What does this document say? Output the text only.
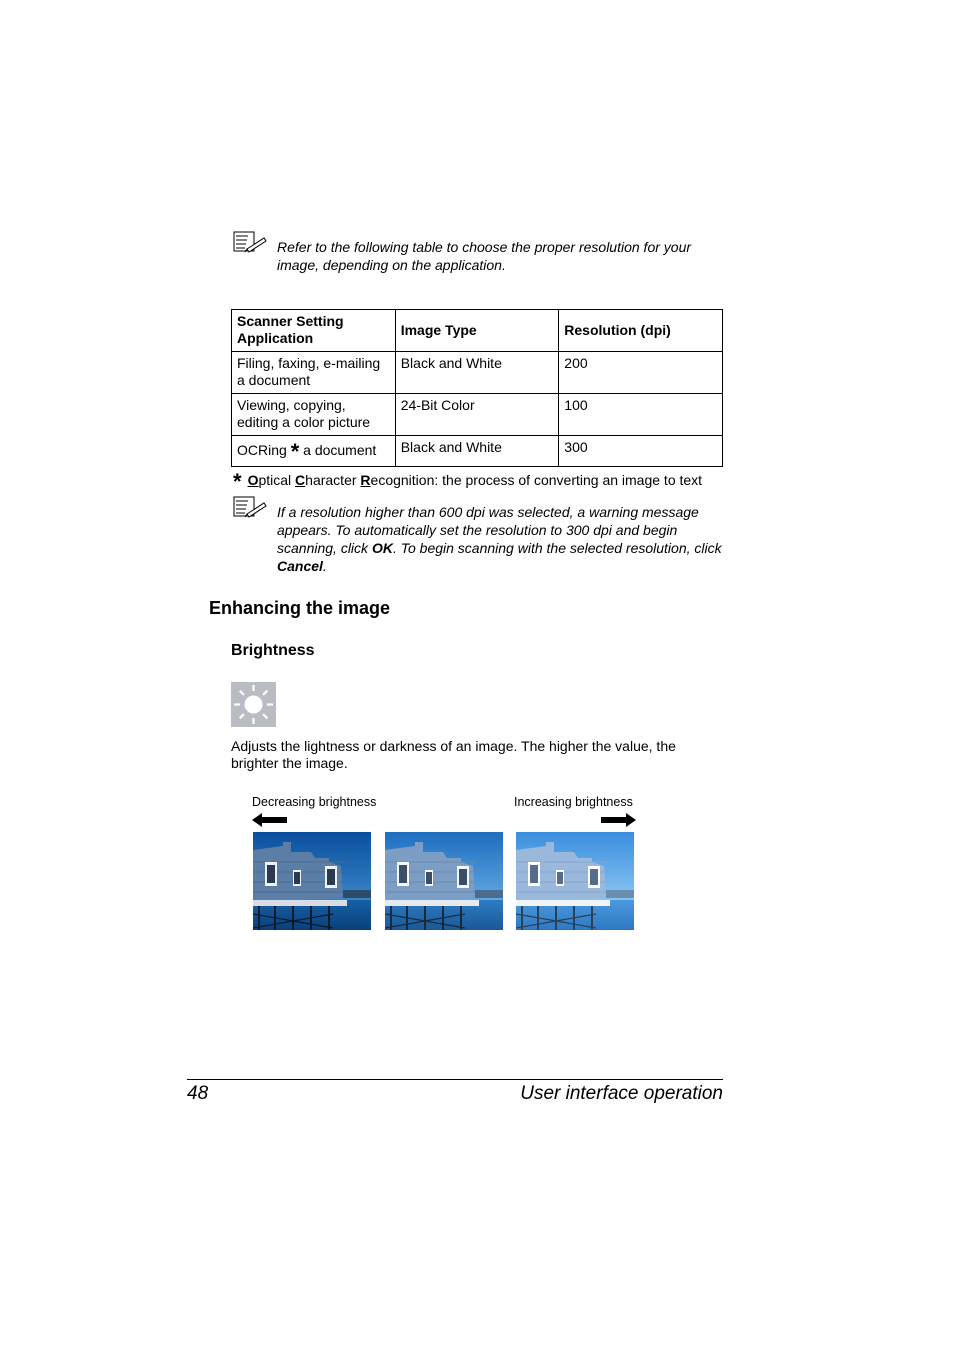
Refer to the following table to choose the proper resolution for your image, depending on the application.
Scanner Setting Application	Image Type	Resolution (dpi)
Filing, faxing, e-mailing a document	Black and White	200
Viewing, copying, editing a color picture	24-Bit Color	100
OCRing * a document	Black and White	300
* Optical Character Recognition: the process of converting an image to text
If a resolution higher than 600 dpi was selected, a warning message appears. To automatically set the resolution to 300 dpi and begin scanning, click OK. To begin scanning with the selected resolution, click Cancel.
Enhancing the image
Brightness
Adjusts the lightness or darkness of an image. The higher the value, the brighter the image.
Decreasing brightness	Increasing brightness
48	User interface operation
